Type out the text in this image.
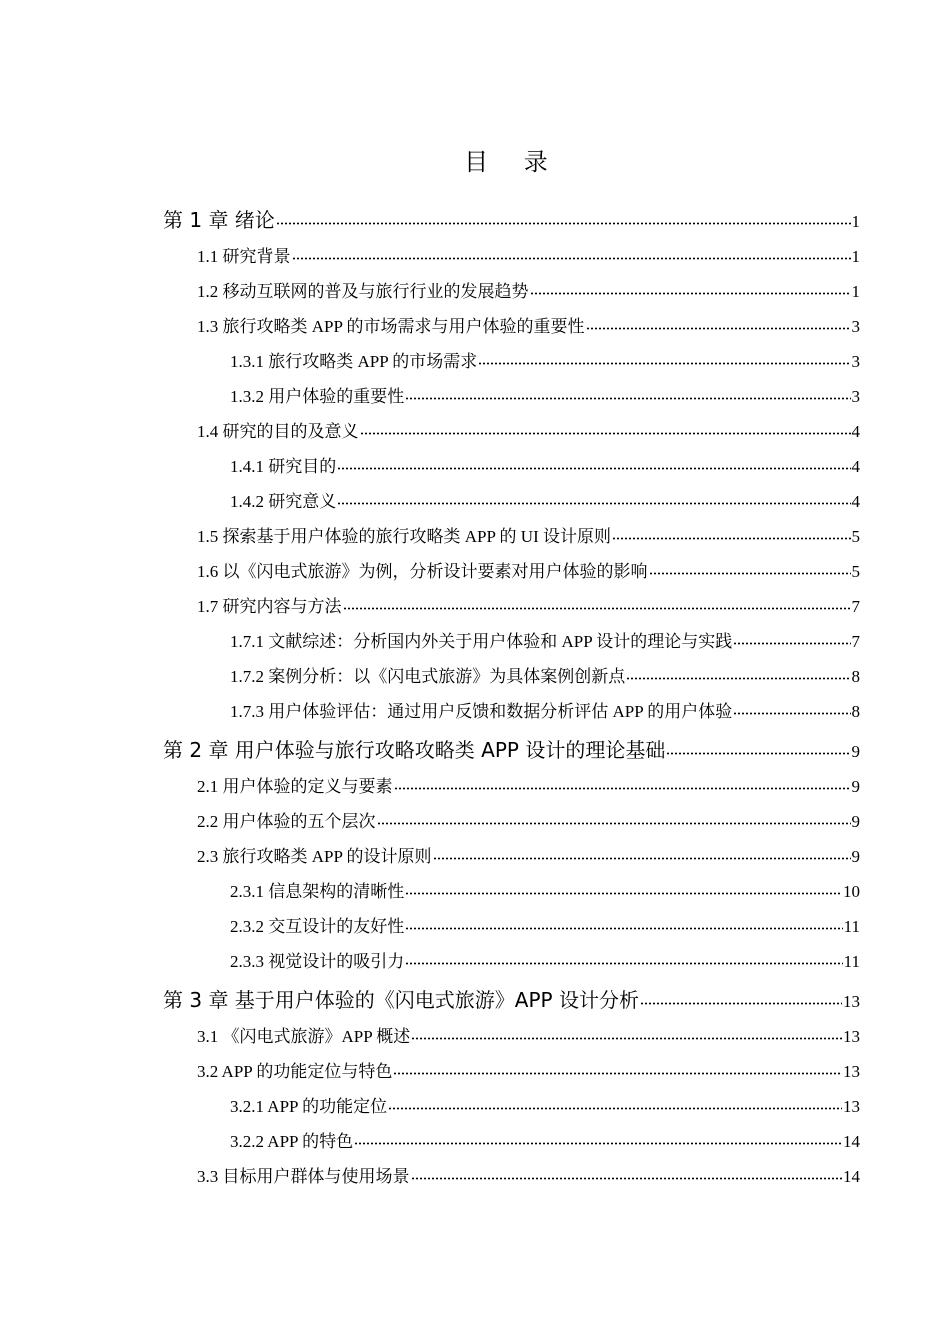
目 录
第 1 章 绪论	1
1.1 研究背景	1
1.2 移动互联网的普及与旅行行业的发展趋势	1
1.3 旅行攻略类 APP 的市场需求与用户体验的重要性	3
1.3.1 旅行攻略类 APP 的市场需求	3
1.3.2 用户体验的重要性	3
1.4 研究的目的及意义	4
1.4.1 研究目的	4
1.4.2 研究意义	4
1.5 探索基于用户体验的旅行攻略类 APP 的 UI 设计原则	5
1.6 以《闪电式旅游》为例，分析设计要素对用户体验的影响	5
1.7 研究内容与方法	7
1.7.1 文献综述：分析国内外关于用户体验和 APP 设计的理论与实践	7
1.7.2 案例分析：以《闪电式旅游》为具体案例创新点	8
1.7.3 用户体验评估：通过用户反馈和数据分析评估 APP 的用户体验	8
第 2 章 用户体验与旅行攻略攻略类 APP 设计的理论基础	9
2.1 用户体验的定义与要素	9
2.2 用户体验的五个层次	9
2.3 旅行攻略类 APP 的设计原则	9
2.3.1 信息架构的清晰性	10
2.3.2 交互设计的友好性	11
2.3.3 视觉设计的吸引力	11
第 3 章 基于用户体验的《闪电式旅游》APP 设计分析	13
3.1 《闪电式旅游》APP 概述	13
3.2 APP 的功能定位与特色	13
3.2.1 APP 的功能定位	13
3.2.2 APP 的特色	14
3.3 目标用户群体与使用场景	14
